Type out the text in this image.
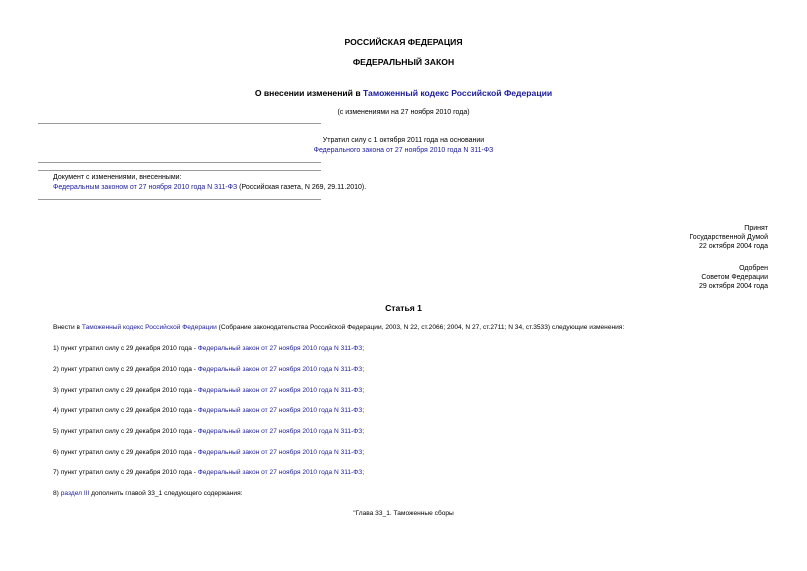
РОССИЙСКАЯ ФЕДЕРАЦИЯ
ФЕДЕРАЛЬНЫЙ ЗАКОН
О внесении изменений в Таможенный кодекс Российской Федерации
(с изменениями на 27 ноября 2010 года)
Утратил силу с 1 октября 2011 года на основании
Федерального закона от 27 ноября 2010 года N 311-ФЗ
Документ с изменениями, внесенными:
Федеральным законом от 27 ноября 2010 года N 311-ФЗ (Российская газета, N 269, 29.11.2010).
Принят
Государственной Думой
22 октября 2004 года
Одобрен
Советом Федерации
29 октября 2004 года
Статья 1
Внести в Таможенный кодекс Российской Федерации (Собрание законодательства Российской Федерации, 2003, N 22, ст.2066; 2004, N 27, ст.2711; N 34, ст.3533) следующие изменения:
1) пункт утратил силу с 29 декабря 2010 года - Федеральный закон от 27 ноября 2010 года N 311-ФЗ;
2) пункт утратил силу с 29 декабря 2010 года - Федеральный закон от 27 ноября 2010 года N 311-ФЗ;
3) пункт утратил силу с 29 декабря 2010 года - Федеральный закон от 27 ноября 2010 года N 311-ФЗ;
4) пункт утратил силу с 29 декабря 2010 года - Федеральный закон от 27 ноября 2010 года N 311-ФЗ;
5) пункт утратил силу с 29 декабря 2010 года - Федеральный закон от 27 ноября 2010 года N 311-ФЗ;
6) пункт утратил силу с 29 декабря 2010 года - Федеральный закон от 27 ноября 2010 года N 311-ФЗ;
7) пункт утратил силу с 29 декабря 2010 года - Федеральный закон от 27 ноября 2010 года N 311-ФЗ;
8) раздел III дополнить главой 33_1 следующего содержания:
"Глава 33_1. Таможенные сборы
